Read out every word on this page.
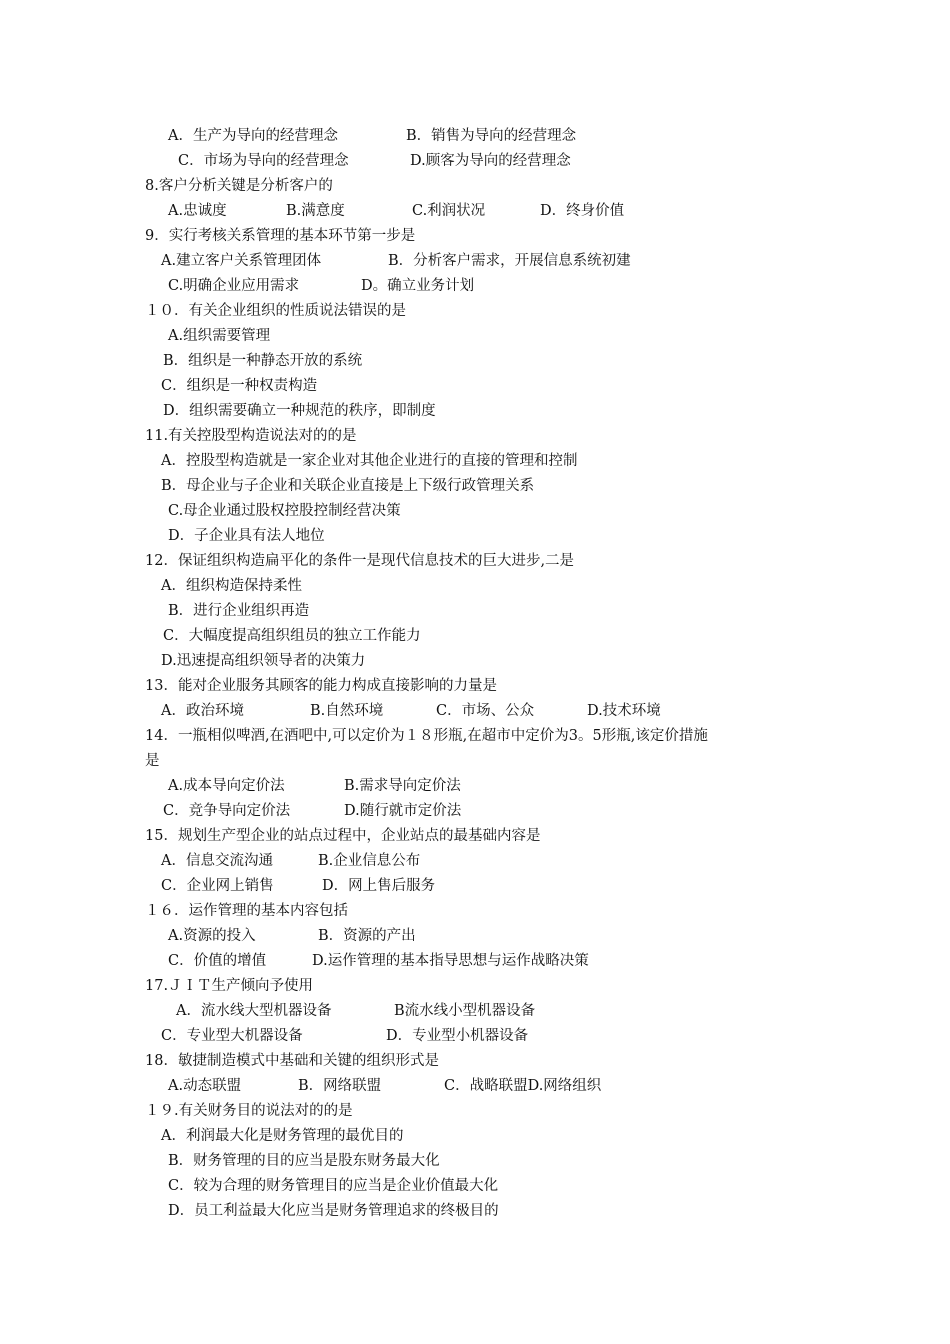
A．生产为导向的经营理念	B．销售为导向的经营理念
C．市场为导向的经营理念	D.顾客为导向的经营理念
8.客户分析关键是分析客户的
A.忠诚度	B.满意度	C.利润状况	D．终身价值
9．实行考核关系管理的基本环节第一步是
A.建立客户关系管理团体	B．分析客户需求，开展信息系统初建
C.明确企业应用需求	D。确立业务计划
１０．有关企业组织的性质说法错误的是
A.组织需要管理
B．组织是一种静态开放的系统
C．组织是一种权责构造
D．组织需要确立一种规范的秩序，即制度
11.有关控股型构造说法对的的是
A．控股型构造就是一家企业对其他企业进行的直接的管理和控制
B．母企业与子企业和关联企业直接是上下级行政管理关系
C.母企业通过股权控股控制经营决策
D．子企业具有法人地位
12．保证组织构造扁平化的条件一是现代信息技术的巨大进步,二是
A．组织构造保持柔性
B．进行企业组织再造
C．大幅度提高组织组员的独立工作能力
D.迅速提高组织领导者的决策力
13．能对企业服务其顾客的能力构成直接影响的力量是
A．政治环境	B.自然环境	C．市场、公众	D.技术环境
14．一瓶相似啤酒,在酒吧中,可以定价为１８形瓶,在超市中定价为3。5形瓶,该定价措施
是
A.成本导向定价法	B.需求导向定价法
C．竞争导向定价法	D.随行就市定价法
15．规划生产型企业的站点过程中，企业站点的最基础内容是
A．信息交流沟通	B.企业信息公布
C．企业网上销售	D．网上售后服务
１６．运作管理的基本内容包括
A.资源的投入	B．资源的产出
C．价值的增值	D.运作管理的基本指导思想与运作战略决策
17.ＪＩＴ生产倾向予使用
A．流水线大型机器设备	B流水线小型机器设备
C．专业型大机器设备	D．专业型小机器设备
18．敏捷制造模式中基础和关键的组织形式是
A.动态联盟	B．网络联盟	C．战略联盟D.网络组织
１９.有关财务目的说法对的的是
A．利润最大化是财务管理的最优目的
B．财务管理的目的应当是股东财务最大化
C．较为合理的财务管理目的应当是企业价值最大化
D．员工利益最大化应当是财务管理追求的终极目的
